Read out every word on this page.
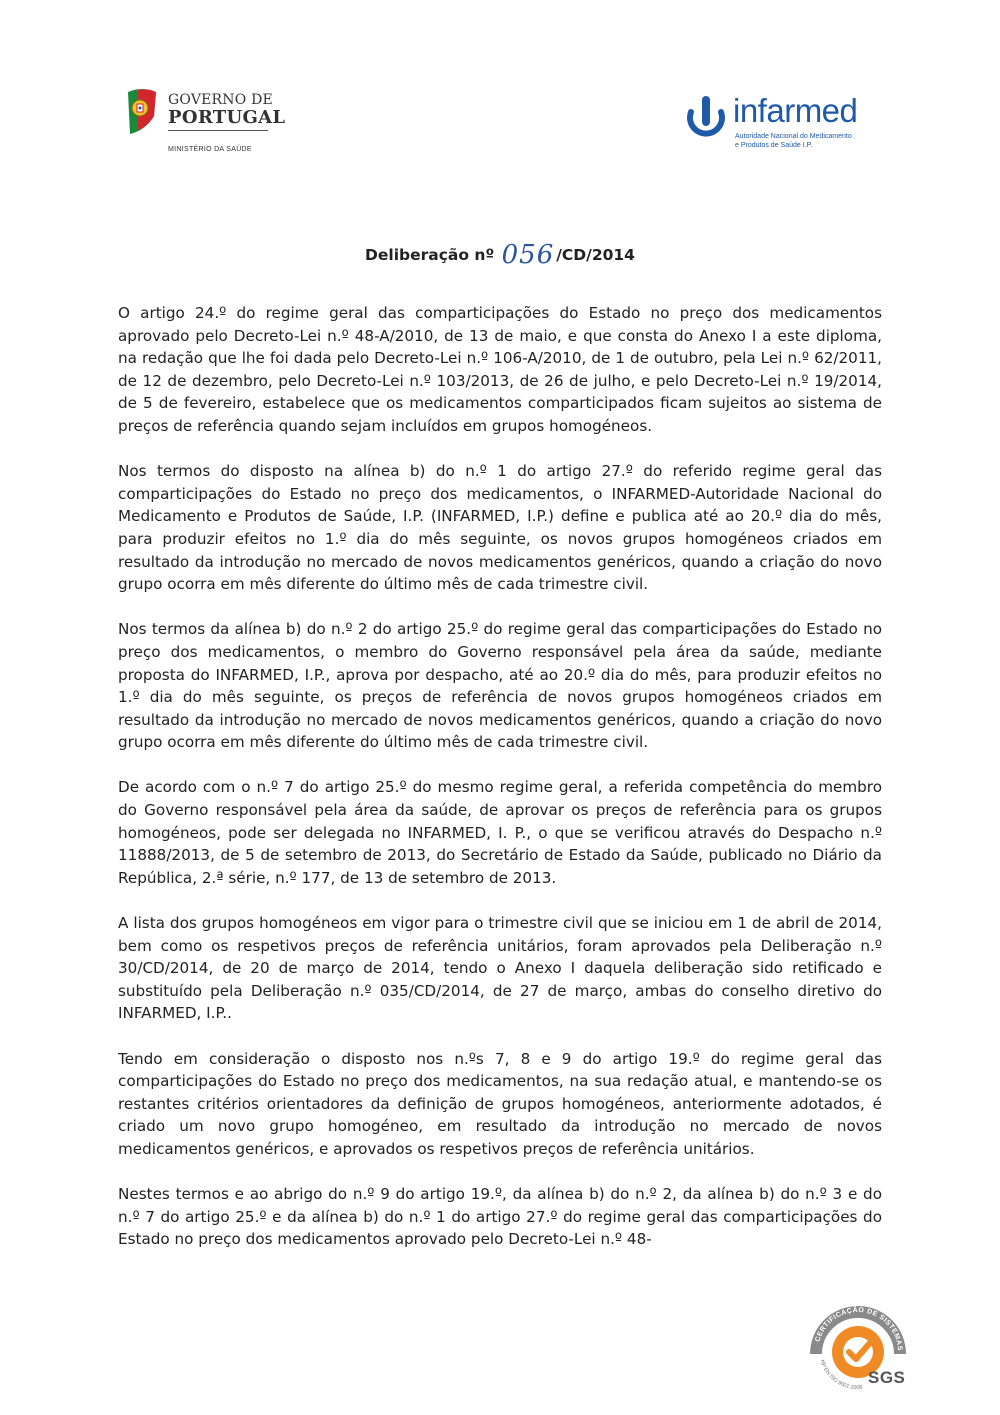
GOVERNO DE
PORTUGAL
MINISTÉRIO DA SAÚDE
infarmed
Autoridade Nacional do Medicamento
e Produtos de Saúde I.P.
Deliberação nº 056 /CD/2014

O artigo 24.º do regime geral das comparticipações do Estado no preço dos medicamentos aprovado pelo Decreto-Lei n.º 48-A/2010, de 13 de maio, e que consta do Anexo I a este diploma, na redação que lhe foi dada pelo Decreto-Lei n.º 106-A/2010, de 1 de outubro, pela Lei n.º 62/2011, de 12 de dezembro, pelo Decreto-Lei n.º 103/2013, de 26 de julho, e pelo Decreto-Lei n.º 19/2014, de 5 de fevereiro, estabelece que os medicamentos comparticipados ficam sujeitos ao sistema de preços de referência quando sejam incluídos em grupos homogéneos.

Nos termos do disposto na alínea b) do n.º 1 do artigo 27.º do referido regime geral das comparticipações do Estado no preço dos medicamentos, o INFARMED-Autoridade Nacional do Medicamento e Produtos de Saúde, I.P. (INFARMED, I.P.) define e publica até ao 20.º dia do mês, para produzir efeitos no 1.º dia do mês seguinte, os novos grupos homogéneos criados em resultado da introdução no mercado de novos medicamentos genéricos, quando a criação do novo grupo ocorra em mês diferente do último mês de cada trimestre civil.

Nos termos da alínea b) do n.º 2 do artigo 25.º do regime geral das comparticipações do Estado no preço dos medicamentos, o membro do Governo responsável pela área da saúde, mediante proposta do INFARMED, I.P., aprova por despacho, até ao 20.º dia do mês, para produzir efeitos no 1.º dia do mês seguinte, os preços de referência de novos grupos homogéneos criados em resultado da introdução no mercado de novos medicamentos genéricos, quando a criação do novo grupo ocorra em mês diferente do último mês de cada trimestre civil.

De acordo com o n.º 7 do artigo 25.º do mesmo regime geral, a referida competência do membro do Governo responsável pela área da saúde, de aprovar os preços de referência para os grupos homogéneos, pode ser delegada no INFARMED, I. P., o que se verificou através do Despacho n.º 11888/2013, de 5 de setembro de 2013, do Secretário de Estado da Saúde, publicado no Diário da República, 2.ª série, n.º 177, de 13 de setembro de 2013.

A lista dos grupos homogéneos em vigor para o trimestre civil que se iniciou em 1 de abril de 2014, bem como os respetivos preços de referência unitários, foram aprovados pela Deliberação n.º 30/CD/2014, de 20 de março de 2014, tendo o Anexo I daquela deliberação sido retificado e substituído pela Deliberação n.º 035/CD/2014, de 27 de março, ambas do conselho diretivo do INFARMED, I.P..

Tendo em consideração o disposto nos n.ºs 7, 8 e 9 do artigo 19.º do regime geral das comparticipações do Estado no preço dos medicamentos, na sua redação atual, e mantendo-se os restantes critérios orientadores da definição de grupos homogéneos, anteriormente adotados, é criado um novo grupo homogéneo, em resultado da introdução no mercado de novos medicamentos genéricos, e aprovados os respetivos preços de referência unitários.

Nestes termos e ao abrigo do n.º 9 do artigo 19.º, da alínea b) do n.º 2, da alínea b) do n.º 3 e do n.º 7 do artigo 25.º e da alínea b) do n.º 1 do artigo 27.º do regime geral das comparticipações do Estado no preço dos medicamentos aprovado pelo Decreto-Lei n.º 48-

CERTIFICAÇÃO DE SISTEMAS
NP EN ISO 9001:2008
SGS
